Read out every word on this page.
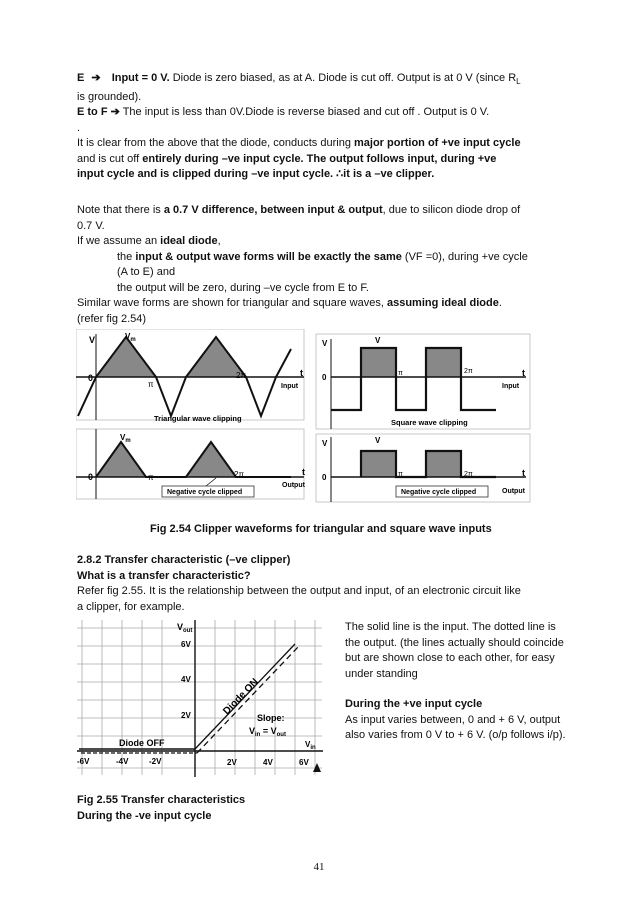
E ➔ Input = 0 V. Diode is zero biased, as at A. Diode is cut off. Output is at 0 V (since $R_L$
is grounded).
E to F ➔ The input is less than 0V.Diode is reverse biased and cut off . Output is 0 V.
.
It is clear from the above that the diode, conducts during major portion of +ve input cycle
and is cut off entirely during –ve input cycle. The output follows input, during +ve
input cycle and is clipped during –ve input cycle. ∴it is a –ve clipper.
Note that there is a 0.7 V difference, between input & output, due to silicon diode drop of
0.7 V.
If we assume an ideal diode,

the input & output wave forms will be exactly the same (VF =0), during +ve cycle
(A to E) and
the output will be zero, during –ve cycle from E to F.
Similar wave forms are shown for triangular and square waves, assuming ideal diode.
(refer fig 2.54)
V	$V_m$
0
π
2π	t
Input
Triangular wave clipping
$V_m$
0	π	2π	t
Output
Negative cycle clipped
V	V
0	π	2π	t
Input
Square wave clipping
V	V
0	π	2π	t
Output
Negative cycle clipped
Fig 2.54 Clipper waveforms for triangular and square wave inputs
2.8.2 Transfer characteristic (–ve clipper)
What is a transfer characteristic?
Refer fig 2.55. It is the relationship between the output and input, of an electronic circuit like
a clipper, for example.
$V_{out}$
6V
4V
2V
-6V	-4V	-2V	2V	4V	6V
$V_{in}$
Diode ON
Diode OFF
Slope:
$V_{in} = V_{out}$
The solid line is the input. The dotted line is the output. (the lines actually should coincide but are shown close to each other, for easy under standing
During the +ve input cycle
As input varies between, 0 and + 6 V, output also varies from 0 V to + 6 V. (o/p follows i/p).
Fig 2.55 Transfer characteristics
During the -ve input cycle
41
